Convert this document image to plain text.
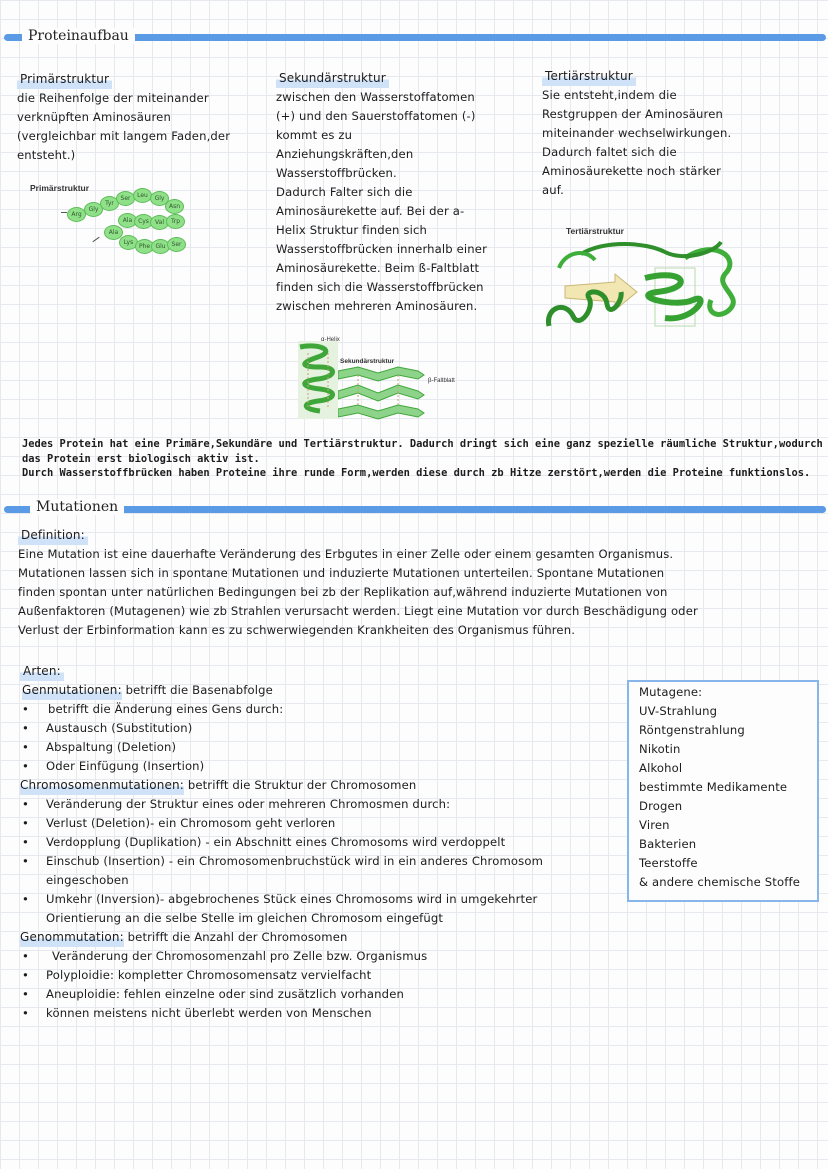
Proteinaufbau
Primärstruktur
die Reihenfolge der miteinander
verknüpften Aminosäuren
(vergleichbar mit langem Faden,der
entsteht.)
Primärstruktur
Arg
Gly
Tyr
Ser	Leu	Gly
Asn
Ala Cys	Val	Trp
Ala
Lys
Phe Glu Ser
Sekundärstruktur
zwischen den Wasserstoffatomen
(+) und den Sauerstoffatomen (-)
kommt es zu
Anziehungskräften,den
Wasserstoffbrücken.
Dadurch Falter sich die
Aminosäurekette auf. Bei der a-
Helix Struktur finden sich
Wasserstoffbrücken innerhalb einer
Aminosäurekette. Beim ß-Faltblatt
finden sich die Wasserstoffbrücken
zwischen mehreren Aminosäuren.
α-Helix
Sekundärstruktur
β-Faltblatt
Tertiärstruktur
Sie entsteht,indem die
Restgruppen der Aminosäuren
miteinander wechselwirkungen.
Dadurch faltet sich die
Aminosäurekette noch stärker
auf.
Tertiärstruktur
Jedes Protein hat eine Primäre,Sekundäre und Tertiärstruktur. Dadurch dringt sich eine ganz spezielle räumliche Struktur,wodurch
das Protein erst biologisch aktiv ist.
Durch Wasserstoffbrücken haben Proteine ihre runde Form,werden diese durch zb Hitze zerstört,werden die Proteine funktionslos.
Mutationen
Definition:
Eine Mutation ist eine dauerhafte Veränderung des Erbgutes in einer Zelle oder einem gesamten Organismus.
Mutationen lassen sich in spontane Mutationen und induzierte Mutationen unterteilen. Spontane Mutationen
finden spontan unter natürlichen Bedingungen bei zb der Replikation auf,während induzierte Mutationen von
Außenfaktoren (Mutagenen) wie zb Strahlen verursacht werden. Liegt eine Mutation vor durch Beschädigung oder
Verlust der Erbinformation kann es zu schwerwiegenden Krankheiten des Organismus führen.
Arten:
Genmutationen: betrifft die Basenabfolge
• betrifft die Änderung eines Gens durch:
• Austausch (Substitution)
• Abspaltung (Deletion)
• Oder Einfügung (Insertion)
Chromosomenmutationen: betrifft die Struktur der Chromosomen
• Veränderung der Struktur eines oder mehreren Chromosmen durch:
• Verlust (Deletion)- ein Chromosom geht verloren
• Verdopplung (Duplikation) - ein Abschnitt eines Chromosoms wird verdoppelt
• Einschub (Insertion) - ein Chromosomenbruchstück wird in ein anderes Chromosom
eingeschoben
• Umkehr (Inversion)- abgebrochenes Stück eines Chromosoms wird in umgekehrter
Orientierung an die selbe Stelle im gleichen Chromosom eingefügt
Genommutation: betrifft die Anzahl der Chromosomen
• Veränderung der Chromosomenzahl pro Zelle bzw. Organismus
• Polyploidie: kompletter Chromosomensatz vervielfacht
• Aneuploidie: fehlen einzelne oder sind zusätzlich vorhanden
• können meistens nicht überlebt werden von Menschen
Mutagene:
UV-Strahlung
Röntgenstrahlung
Nikotin
Alkohol
bestimmte Medikamente
Drogen
Viren
Bakterien
Teerstoffe
& andere chemische Stoffe
